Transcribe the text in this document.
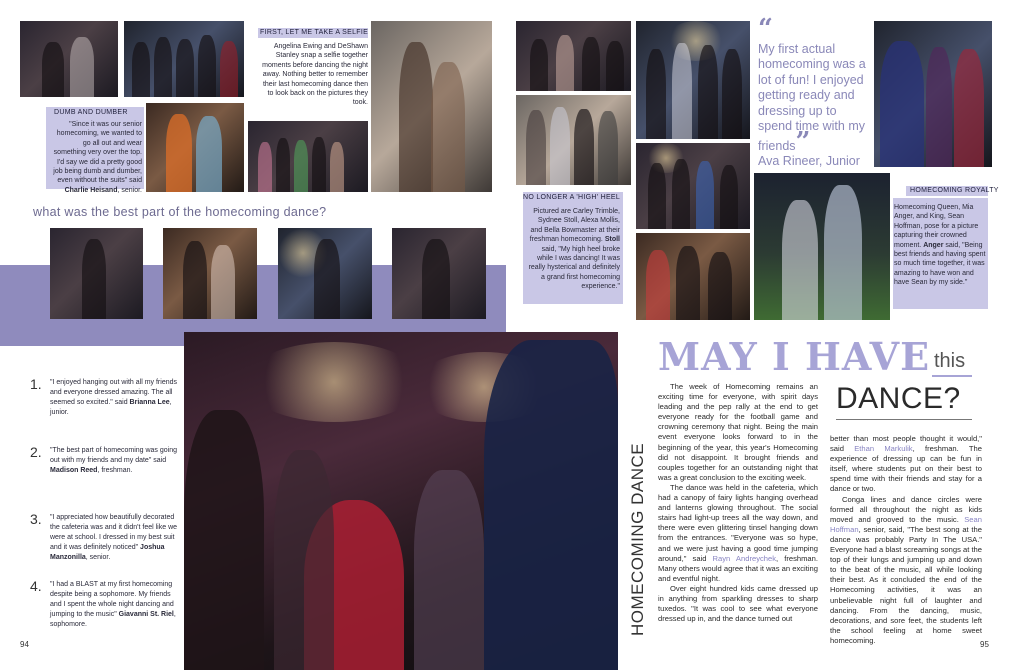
FIRST, LET ME TAKE A SELFIE
Angelina Ewing and DeShawn Stanley snap a selfie together moments before dancing the night away. Nothing better to remember their last homecoming dance then to look back on the pictures they took.
DUMB AND DUMBER
"Since it was our senior homecoming, we wanted to go all out and wear something very over the top. I'd say we did a pretty good job being dumb and dumber, even without the suits" said Charlie Heisand, senior.
what was the best part of the homecoming dance?
1. "I enjoyed hanging out with all my friends and everyone dressed amazing. The all seemed so excited." said Brianna Lee, junior.
2. "The best part of homecoming was going out with my friends and my date" said Madison Reed, freshman.
3. "I appreciated how beautifully decorated the cafeteria was and it didn't feel like we were at school. I dressed in my best suit and it was definitely noticed" Joshua Manzonilla, senior.
4. "I had a BLAST at my first homecoming despite being a sophomore. My friends and I spent the whole night dancing and jumping to the music" Giavanni St. Riel, sophomore.
94
NO LONGER A 'HIGH' HEEL
Pictured are Carley Trimble, Sydnee Stoll, Alexa Mollis, and Bella Bowmaster at their freshman homecoming. Stoll said, "My high heel broke while I was dancing! It was really hysterical and definitely a grand first homecoming experience."
“
My first actual homecoming was a lot of fun! I enjoyed getting ready and dressing up to spend time with my friends”
Ava Rineer, Junior
HOMECOMING ROYALTY
Homecoming Queen, Mia Anger, and King, Sean Hoffman, pose for a picture capturing their crowned moment. Anger said, "Being best friends and having spent so much time together, it was amazing to have won and have Sean by my side."
MAY I HAVE this
DANCE?
HOMECOMING DANCE
The week of Homecoming remains an exciting time for everyone, with spirit days leading and the pep rally at the end to get everyone ready for the football game and crowning ceremony that night. Being the main event everyone looks forward to in the beginning of the year, this year's Homecoming did not disappoint. It brought friends and couples together for an outstanding night that was a great conclusion to the exciting week.
The dance was held in the cafeteria, which had a canopy of fairy lights hanging overhead and lanterns glowing throughout. The social stairs had light-up trees all the way down, and there were even glittering tinsel hanging down from the entrances. "Everyone was so hype, and we were just having a good time jumping around," said Rayn Andreychek, freshman. Many others would agree that it was an exciting and eventful night.
Over eight hundred kids came dressed up in anything from sparkling dresses to sharp tuxedos. "It was cool to see what everyone dressed up in, and the dance turned out
better than most people thought it would," said Ethan Markulik, freshman. The experience of dressing up can be fun in itself, where students put on their best to spend time with their friends and stay for a dance or two.
Conga lines and dance circles were formed all throughout the night as kids moved and grooved to the music. Sean Hoffman, senior, said, "The best song at the dance was probably Party In The USA." Everyone had a blast screaming songs at the top of their lungs and jumping up and down to the beat of the music, all while looking their best. As it concluded the end of the Homecoming activities, it was an unbelievable night full of laughter and dancing. From the dancing, music, decorations, and sore feet, the students left the school feeling at home sweet homecoming.	95
